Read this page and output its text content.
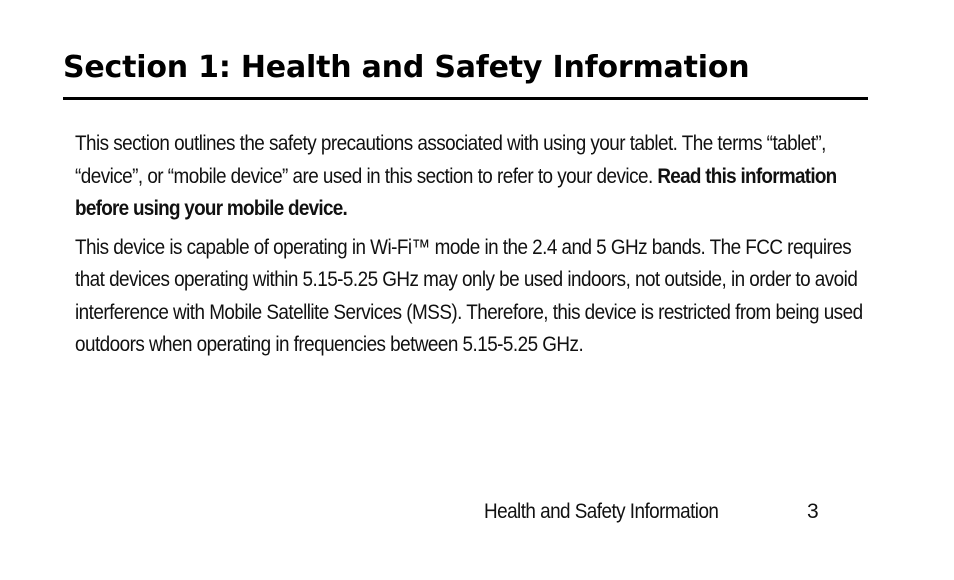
Section 1: Health and Safety Information

This section outlines the safety precautions associated with using your tablet. The terms “tablet”, “device”, or “mobile device” are used in this section to refer to your device. Read this information before using your mobile device.

This device is capable of operating in Wi-Fi™ mode in the 2.4 and 5 GHz bands. The FCC requires that devices operating within 5.15-5.25 GHz may only be used indoors, not outside, in order to avoid interference with Mobile Satellite Services (MSS). Therefore, this device is restricted from being used outdoors when operating in frequencies between 5.15-5.25 GHz.

Health and Safety Information	3
